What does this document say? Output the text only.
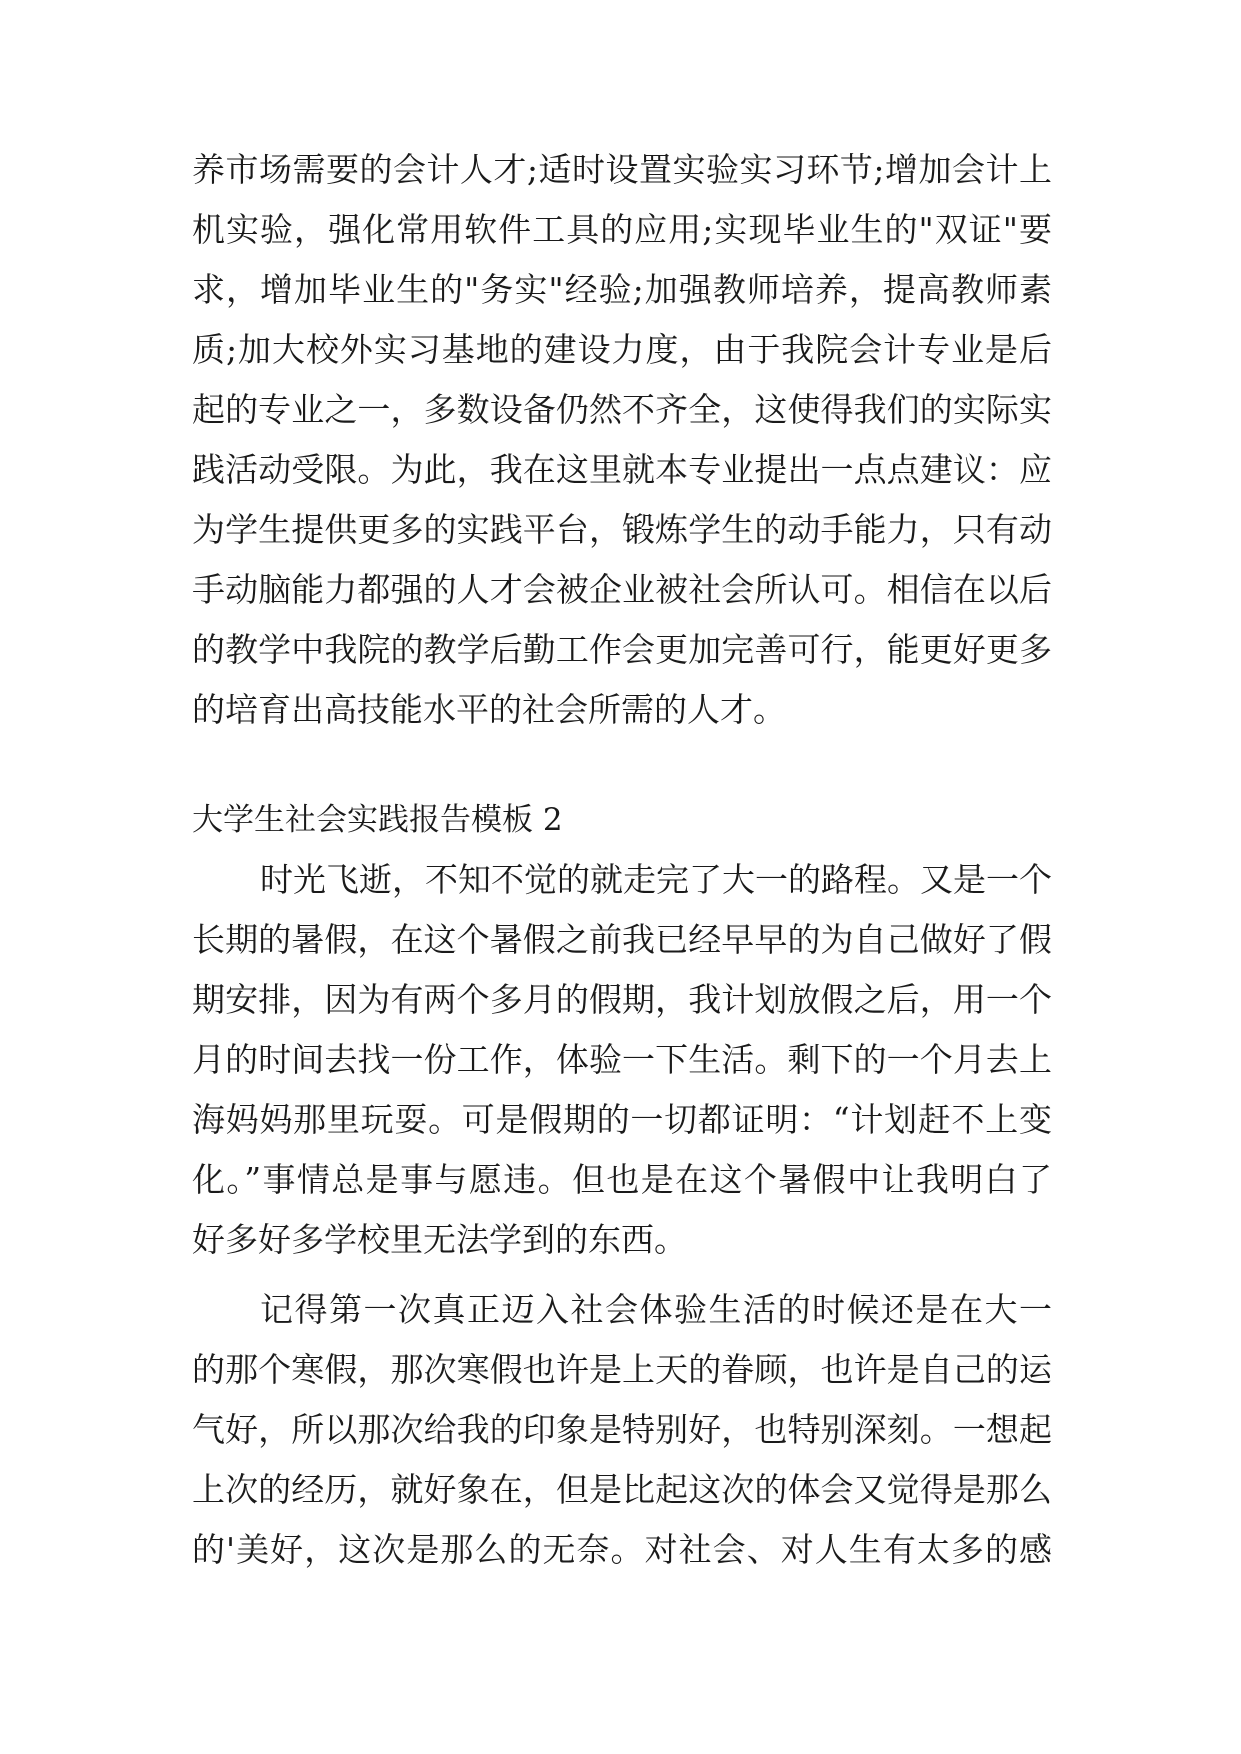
养市场需要的会计人才;适时设置实验实习环节;增加会计上
机实验，强化常用软件工具的应用;实现毕业生的"双证"要
求，增加毕业生的"务实"经验;加强教师培养，提高教师素
质;加大校外实习基地的建设力度，由于我院会计专业是后
起的专业之一，多数设备仍然不齐全，这使得我们的实际实
践活动受限。为此，我在这里就本专业提出一点点建议：应
为学生提供更多的实践平台，锻炼学生的动手能力，只有动
手动脑能力都强的人才会被企业被社会所认可。相信在以后
的教学中我院的教学后勤工作会更加完善可行，能更好更多
的培育出高技能水平的社会所需的人才。
大学生社会实践报告模板 2
时光飞逝，不知不觉的就走完了大一的路程。又是一个
长期的暑假，在这个暑假之前我已经早早的为自己做好了假
期安排，因为有两个多月的假期，我计划放假之后，用一个
月的时间去找一份工作，体验一下生活。剩下的一个月去上
海妈妈那里玩耍。可是假期的一切都证明：“计划赶不上变
化。”事情总是事与愿违。但也是在这个暑假中让我明白了
好多好多学校里无法学到的东西。
记得第一次真正迈入社会体验生活的时候还是在大一
的那个寒假，那次寒假也许是上天的眷顾，也许是自己的运
气好，所以那次给我的印象是特别好，也特别深刻。一想起
上次的经历，就好象在，但是比起这次的体会又觉得是那么
的'美好，这次是那么的无奈。对社会、对人生有太多的感
